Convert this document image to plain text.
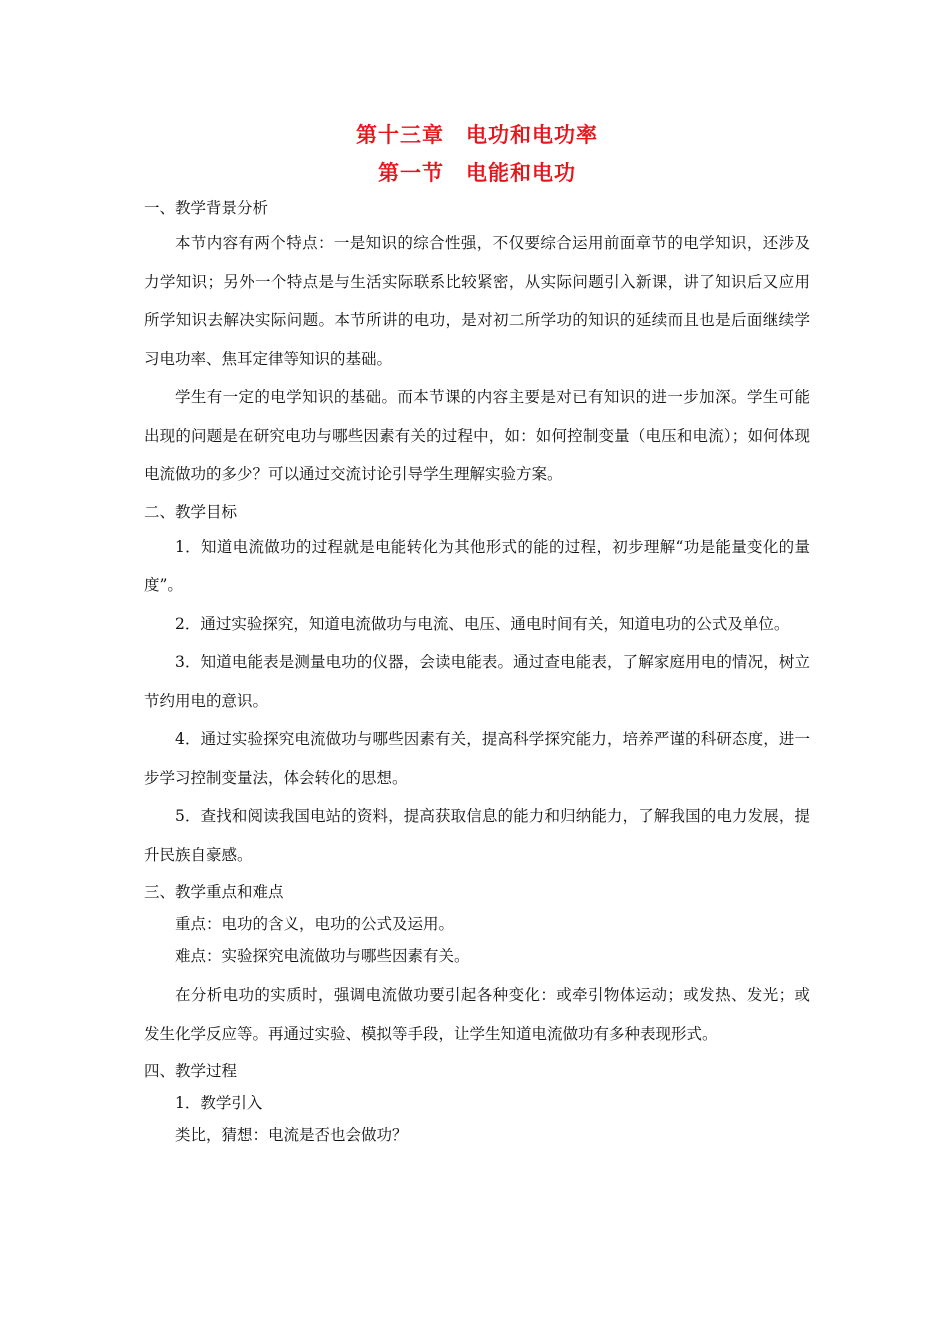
第十三章　电功和电功率
第一节　电能和电功
一、教学背景分析

本节内容有两个特点：一是知识的综合性强，不仅要综合运用前面章节的电学知识，还涉及力学知识；另外一个特点是与生活实际联系比较紧密，从实际问题引入新课，讲了知识后又应用所学知识去解决实际问题。本节所讲的电功，是对初二所学功的知识的延续而且也是后面继续学习电功率、焦耳定律等知识的基础。

学生有一定的电学知识的基础。而本节课的内容主要是对已有知识的进一步加深。学生可能出现的问题是在研究电功与哪些因素有关的过程中，如：如何控制变量（电压和电流）；如何体现电流做功的多少？可以通过交流讨论引导学生理解实验方案。

二、教学目标

1．知道电流做功的过程就是电能转化为其他形式的能的过程，初步理解“功是能量变化的量度”。

2．通过实验探究，知道电流做功与电流、电压、通电时间有关，知道电功的公式及单位。

3．知道电能表是测量电功的仪器，会读电能表。通过查电能表，了解家庭用电的情况，树立节约用电的意识。

4．通过实验探究电流做功与哪些因素有关，提高科学探究能力，培养严谨的科研态度，进一步学习控制变量法，体会转化的思想。

5．查找和阅读我国电站的资料，提高获取信息的能力和归纳能力，了解我国的电力发展，提升民族自豪感。

三、教学重点和难点

重点：电功的含义，电功的公式及运用。

难点：实验探究电流做功与哪些因素有关。

在分析电功的实质时，强调电流做功要引起各种变化：或牵引物体运动；或发热、发光；或发生化学反应等。再通过实验、模拟等手段，让学生知道电流做功有多种表现形式。

四、教学过程

1．教学引入

类比，猜想：电流是否也会做功？
